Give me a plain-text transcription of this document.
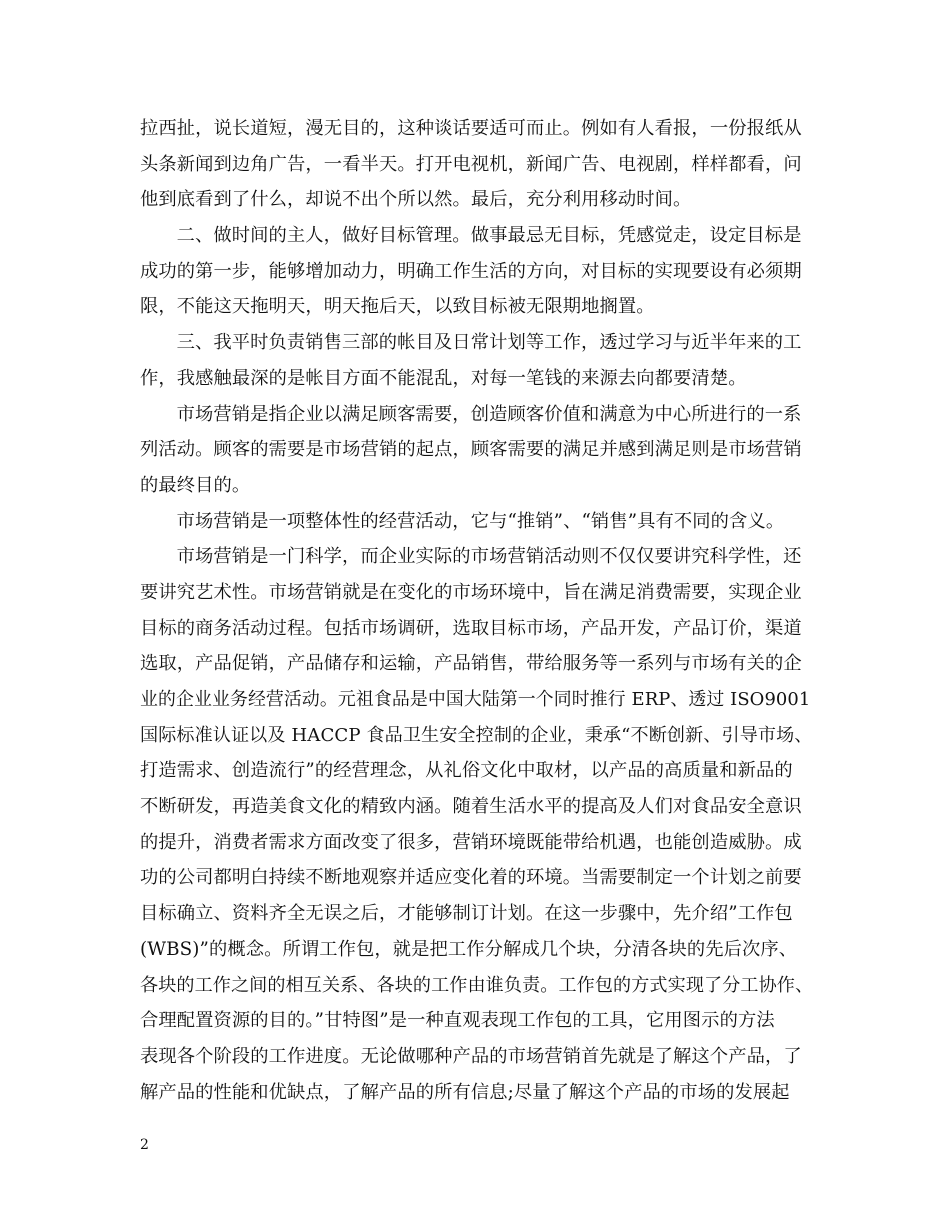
拉西扯，说长道短，漫无目的，这种谈话要适可而止。例如有人看报，一份报纸从
头条新闻到边角广告，一看半天。打开电视机，新闻广告、电视剧，样样都看，问
他到底看到了什么，却说不出个所以然。最后，充分利用移动时间。
二、做时间的主人，做好目标管理。做事最忌无目标，凭感觉走，设定目标是
成功的第一步，能够增加动力，明确工作生活的方向，对目标的实现要设有必须期
限，不能这天拖明天，明天拖后天，以致目标被无限期地搁置。
三、我平时负责销售三部的帐目及日常计划等工作，透过学习与近半年来的工
作，我感触最深的是帐目方面不能混乱，对每一笔钱的来源去向都要清楚。
市场营销是指企业以满足顾客需要，创造顾客价值和满意为中心所进行的一系
列活动。顾客的需要是市场营销的起点，顾客需要的满足并感到满足则是市场营销
的最终目的。
市场营销是一项整体性的经营活动，它与“推销”、“销售”具有不同的含义。
市场营销是一门科学，而企业实际的市场营销活动则不仅仅要讲究科学性，还
要讲究艺术性。市场营销就是在变化的市场环境中，旨在满足消费需要，实现企业
目标的商务活动过程。包括市场调研，选取目标市场，产品开发，产品订价，渠道
选取，产品促销，产品储存和运输，产品销售，带给服务等一系列与市场有关的企
业的企业业务经营活动。元祖食品是中国大陆第一个同时推行 ERP、透过 ISO9001
国际标准认证以及 HACCP 食品卫生安全控制的企业，秉承“不断创新、引导市场、
打造需求、创造流行”的经营理念，从礼俗文化中取材，以产品的高质量和新品的
不断研发，再造美食文化的精致内涵。随着生活水平的提高及人们对食品安全意识
的提升，消费者需求方面改变了很多，营销环境既能带给机遇，也能创造威胁。成
功的公司都明白持续不断地观察并适应变化着的环境。当需要制定一个计划之前要
目标确立、资料齐全无误之后，才能够制订计划。在这一步骤中，先介绍”工作包
(WBS)”的概念。所谓工作包，就是把工作分解成几个块，分清各块的先后次序、
各块的工作之间的相互关系、各块的工作由谁负责。工作包的方式实现了分工协作、
合理配置资源的目的。”甘特图”是一种直观表现工作包的工具，它用图示的方法
表现各个阶段的工作进度。无论做哪种产品的市场营销首先就是了解这个产品，了
解产品的性能和优缺点，了解产品的所有信息;尽量了解这个产品的市场的发展起
2
